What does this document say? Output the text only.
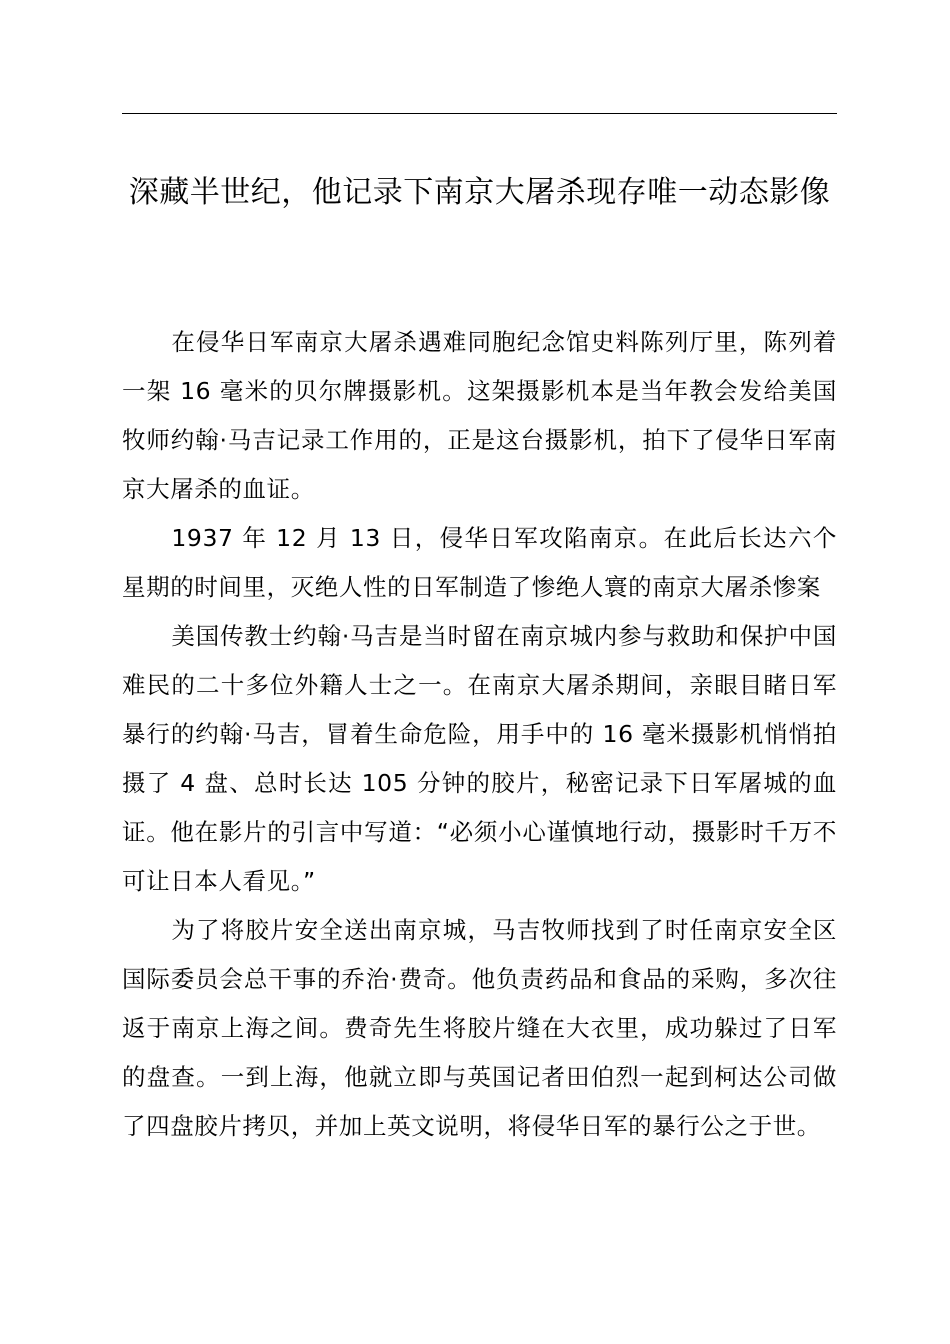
深藏半世纪，他记录下南京大屠杀现存唯一动态影像

在侵华日军南京大屠杀遇难同胞纪念馆史料陈列厅里，陈列着一架 16 毫米的贝尔牌摄影机。这架摄影机本是当年教会发给美国牧师约翰·马吉记录工作用的，正是这台摄影机，拍下了侵华日军南京大屠杀的血证。

1937 年 12 月 13 日，侵华日军攻陷南京。在此后长达六个星期的时间里，灭绝人性的日军制造了惨绝人寰的南京大屠杀惨案

美国传教士约翰·马吉是当时留在南京城内参与救助和保护中国难民的二十多位外籍人士之一。在南京大屠杀期间，亲眼目睹日军暴行的约翰·马吉，冒着生命危险，用手中的 16 毫米摄影机悄悄拍摄了 4 盘、总时长达 105 分钟的胶片，秘密记录下日军屠城的血证。他在影片的引言中写道：“必须小心谨慎地行动，摄影时千万不可让日本人看见。”

为了将胶片安全送出南京城，马吉牧师找到了时任南京安全区国际委员会总干事的乔治·费奇。他负责药品和食品的采购，多次往返于南京上海之间。费奇先生将胶片缝在大衣里，成功躲过了日军的盘查。一到上海，他就立即与英国记者田伯烈一起到柯达公司做了四盘胶片拷贝，并加上英文说明，将侵华日军的暴行公之于世。
